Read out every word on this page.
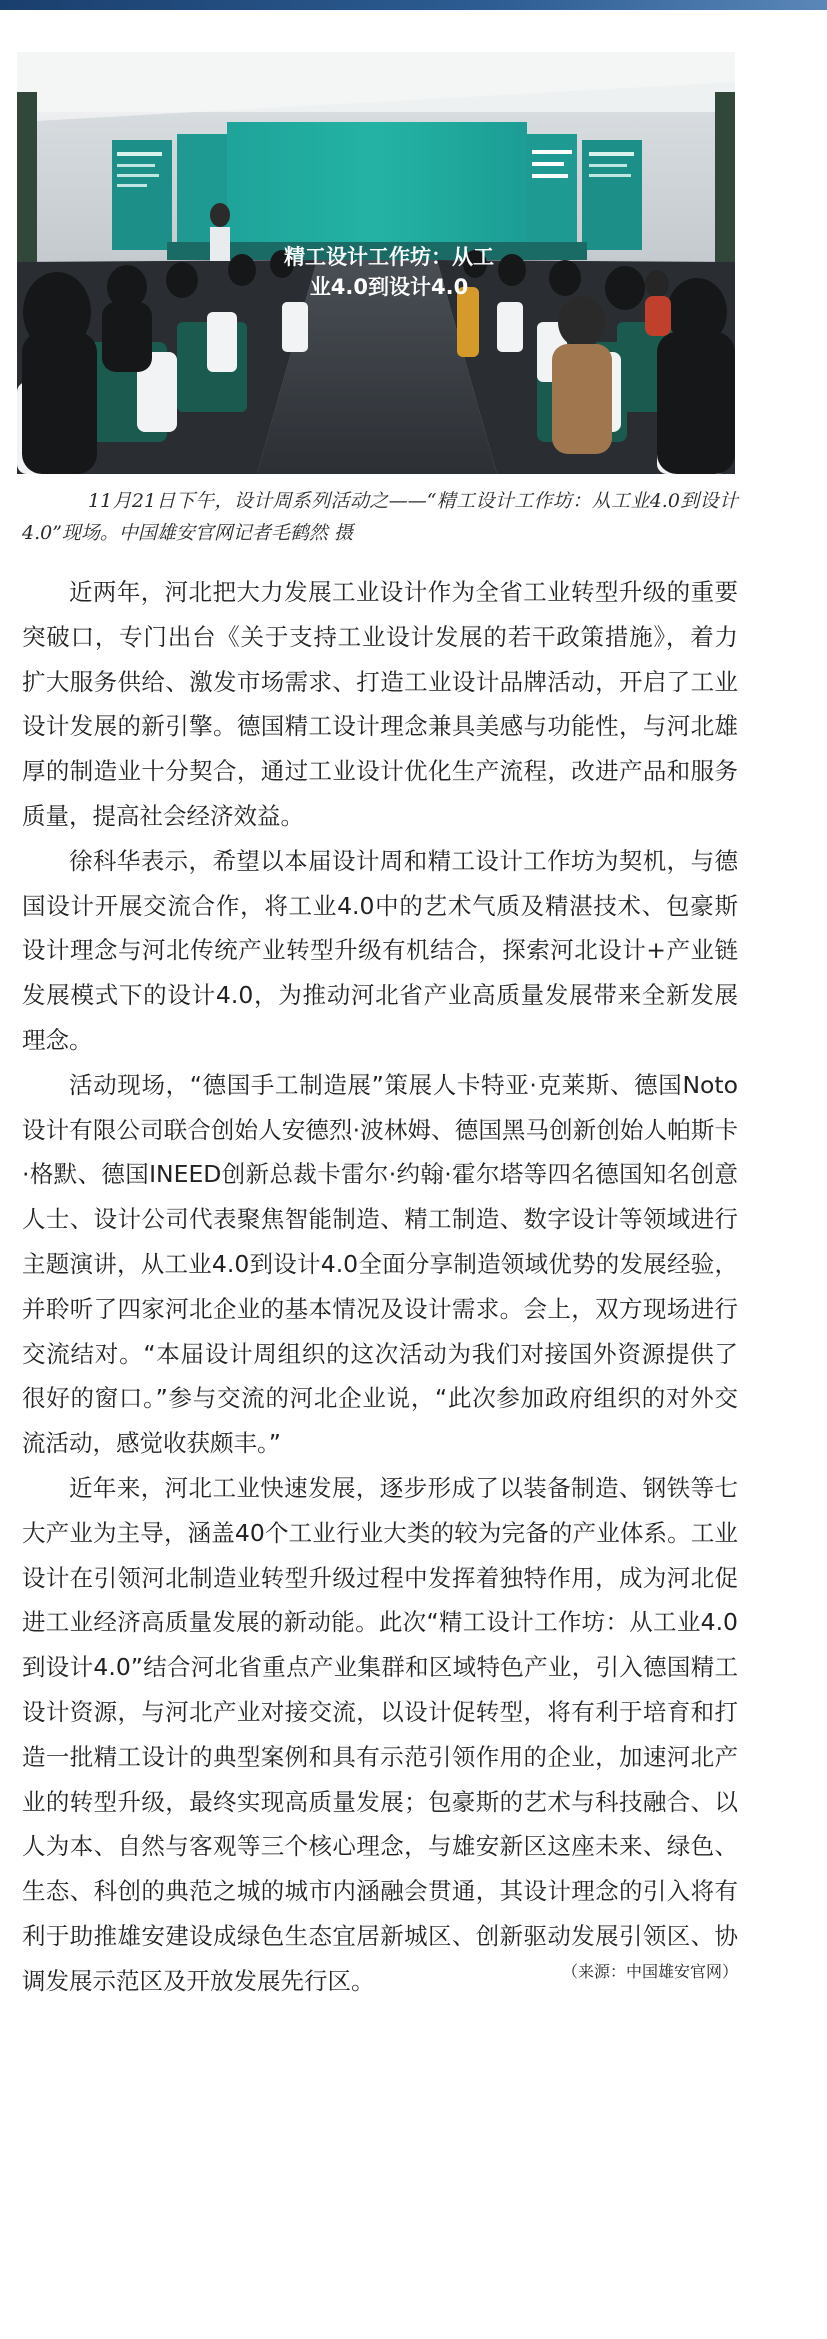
精工设计工作坊：从工业4.0到设计4.0
11月21日下午，设计周系列活动之——“精工设计工作坊：从工业4.0到设计4.0”现场。中国雄安官网记者毛鹤然 摄

近两年，河北把大力发展工业设计作为全省工业转型升级的重要突破口，专门出台《关于支持工业设计发展的若干政策措施》，着力扩大服务供给、激发市场需求、打造工业设计品牌活动，开启了工业设计发展的新引擎。德国精工设计理念兼具美感与功能性，与河北雄厚的制造业十分契合，通过工业设计优化生产流程，改进产品和服务质量，提高社会经济效益。

徐科华表示，希望以本届设计周和精工设计工作坊为契机，与德国设计开展交流合作，将工业4.0中的艺术气质及精湛技术、包豪斯设计理念与河北传统产业转型升级有机结合，探索河北设计+产业链发展模式下的设计4.0，为推动河北省产业高质量发展带来全新发展理念。

活动现场，“德国手工制造展”策展人卡特亚·克莱斯、德国Noto设计有限公司联合创始人安德烈·波林姆、德国黑马创新创始人帕斯卡·格默、德国INEED创新总裁卡雷尔·约翰·霍尔塔等四名德国知名创意人士、设计公司代表聚焦智能制造、精工制造、数字设计等领域进行主题演讲，从工业4.0到设计4.0全面分享制造领域优势的发展经验，并聆听了四家河北企业的基本情况及设计需求。会上，双方现场进行交流结对。“本届设计周组织的这次活动为我们对接国外资源提供了很好的窗口。”参与交流的河北企业说，“此次参加政府组织的对外交流活动，感觉收获颇丰。”

近年来，河北工业快速发展，逐步形成了以装备制造、钢铁等七大产业为主导，涵盖40个工业行业大类的较为完备的产业体系。工业设计在引领河北制造业转型升级过程中发挥着独特作用，成为河北促进工业经济高质量发展的新动能。此次“精工设计工作坊：从工业4.0到设计4.0”结合河北省重点产业集群和区域特色产业，引入德国精工设计资源，与河北产业对接交流，以设计促转型，将有利于培育和打造一批精工设计的典型案例和具有示范引领作用的企业，加速河北产业的转型升级，最终实现高质量发展；包豪斯的艺术与科技融合、以人为本、自然与客观等三个核心理念，与雄安新区这座未来、绿色、生态、科创的典范之城的城市内涵融会贯通，其设计理念的引入将有利于助推雄安建设成绿色生态宜居新城区、创新驱动发展引领区、协调发展示范区及开放发展先行区。	（来源：中国雄安官网）
